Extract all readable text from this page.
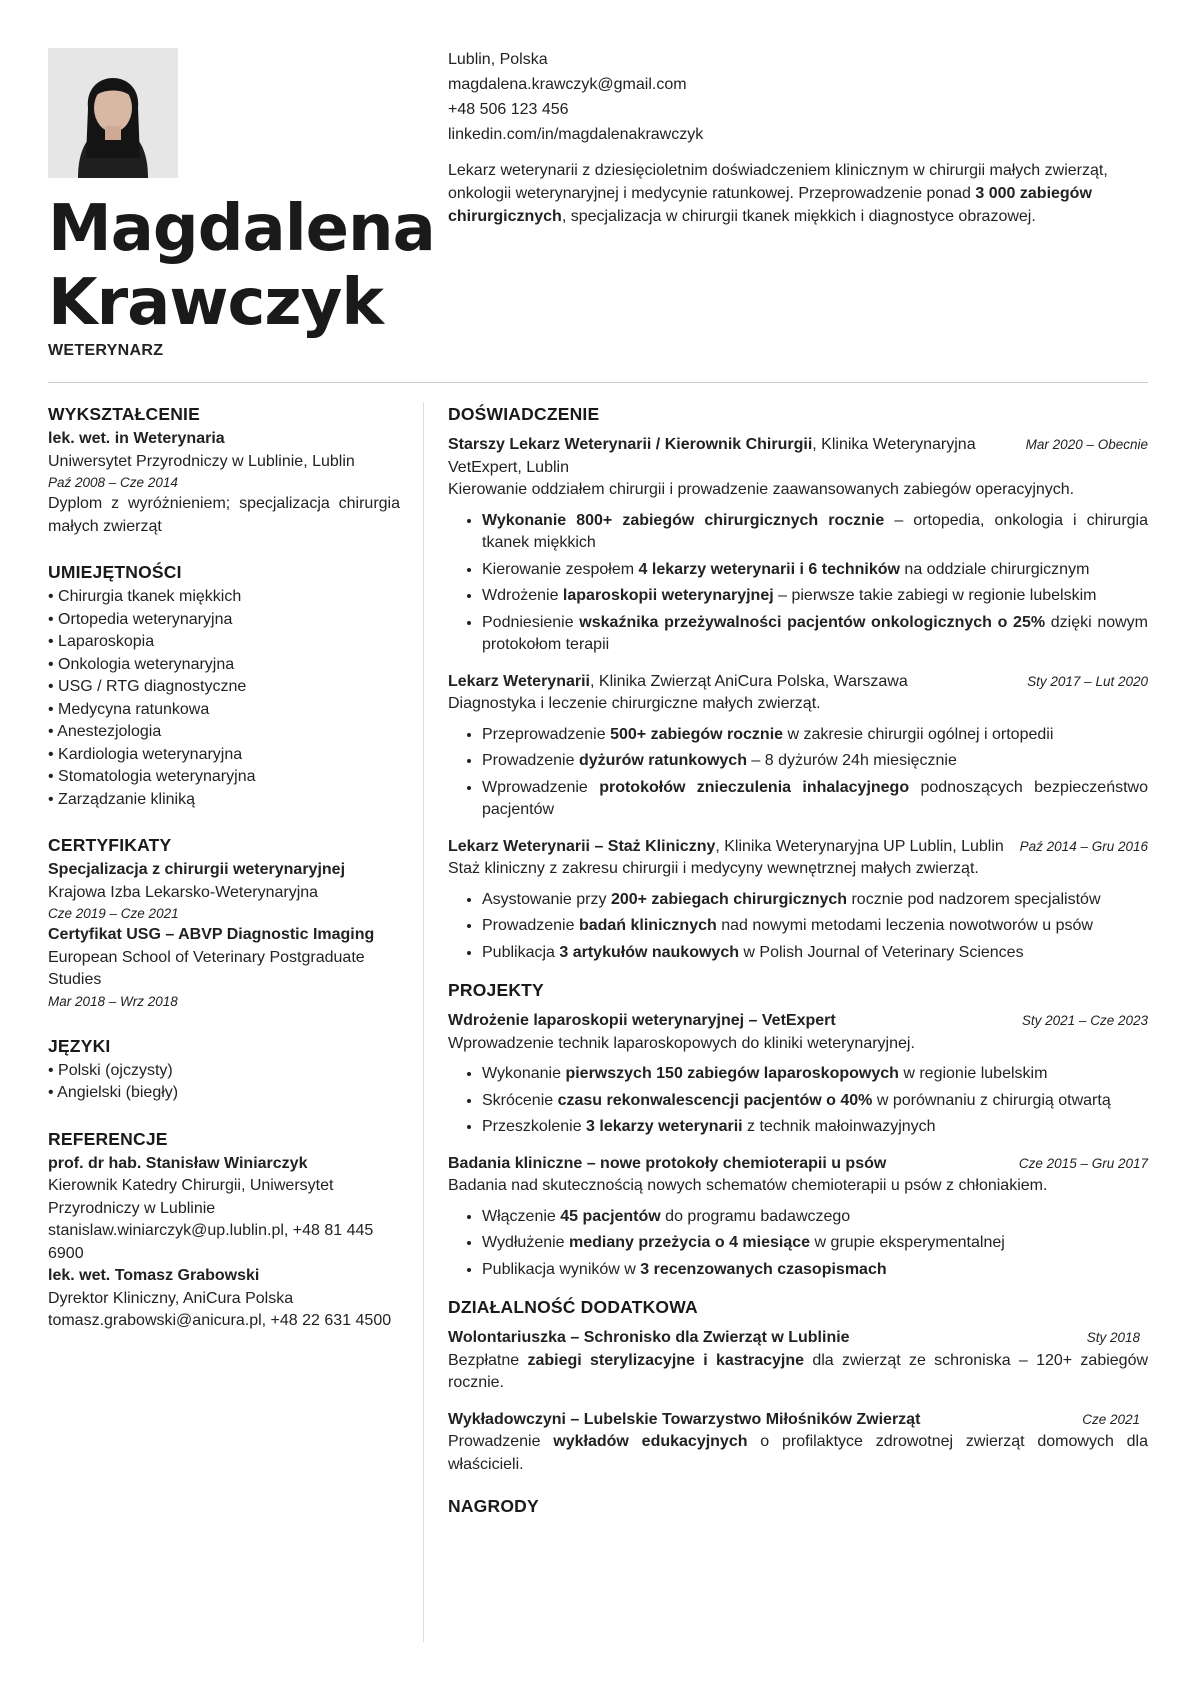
Magdalena
Krawczyk
WETERYNARZ
Lublin, Polska
magdalena.krawczyk@gmail.com
+48 506 123 456
linkedin.com/in/magdalenakrawczyk
Lekarz weterynarii z dziesięcioletnim doświadczeniem klinicznym w chirurgii małych zwierząt, onkologii weterynaryjnej i medycynie ratunkowej. Przeprowadzenie ponad 3 000 zabiegów chirurgicznych, specjalizacja w chirurgii tkanek miękkich i diagnostyce obrazowej.
WYKSZTAŁCENIE
lek. wet. in Weterynaria
Uniwersytet Przyrodniczy w Lublinie, Lublin
Paź 2008 – Cze 2014
Dyplom z wyróżnieniem; specjalizacja chirurgia małych zwierząt
UMIEJĘTNOŚCI
• Chirurgia tkanek miękkich
• Ortopedia weterynaryjna
• Laparoskopia
• Onkologia weterynaryjna
• USG / RTG diagnostyczne
• Medycyna ratunkowa
• Anestezjologia
• Kardiologia weterynaryjna
• Stomatologia weterynaryjna
• Zarządzanie kliniką
CERTYFIKATY
Specjalizacja z chirurgii weterynaryjnej
Krajowa Izba Lekarsko-Weterynaryjna
Cze 2019 – Cze 2021
Certyfikat USG – ABVP Diagnostic Imaging
European School of Veterinary Postgraduate Studies
Mar 2018 – Wrz 2018
JĘZYKI
• Polski (ojczysty)
• Angielski (biegły)
REFERENCJE
prof. dr hab. Stanisław Winiarczyk
Kierownik Katedry Chirurgii, Uniwersytet Przyrodniczy w Lublinie
stanislaw.winiarczyk@up.lublin.pl, +48 81 445 6900
lek. wet. Tomasz Grabowski
Dyrektor Kliniczny, AniCura Polska
tomasz.grabowski@anicura.pl, +48 22 631 4500
DOŚWIADCZENIE
Starszy Lekarz Weterynarii / Kierownik Chirurgii, Klinika Weterynaryjna VetExpert, Lublin
Mar 2020 – Obecnie
Kierowanie oddziałem chirurgii i prowadzenie zaawansowanych zabiegów operacyjnych.
• Wykonanie 800+ zabiegów chirurgicznych rocznie – ortopedia, onkologia i chirurgia tkanek miękkich
• Kierowanie zespołem 4 lekarzy weterynarii i 6 techników na oddziale chirurgicznym
• Wdrożenie laparoskopii weterynaryjnej – pierwsze takie zabiegi w regionie lubelskim
• Podniesienie wskaźnika przeżywalności pacjentów onkologicznych o 25% dzięki nowym protokołom terapii
Lekarz Weterynarii, Klinika Zwierząt AniCura Polska, Warszawa	Sty 2017 – Lut 2020
Diagnostyka i leczenie chirurgiczne małych zwierząt.
• Przeprowadzenie 500+ zabiegów rocznie w zakresie chirurgii ogólnej i ortopedii
• Prowadzenie dyżurów ratunkowych – 8 dyżurów 24h miesięcznie
• Wprowadzenie protokołów znieczulenia inhalacyjnego podnoszących bezpieczeństwo pacjentów
Lekarz Weterynarii – Staż Kliniczny, Klinika Weterynaryjna UP Lublin, Lublin Paź 2014 – Gru 2016
Staż kliniczny z zakresu chirurgii i medycyny wewnętrznej małych zwierząt.
• Asystowanie przy 200+ zabiegach chirurgicznych rocznie pod nadzorem specjalistów
• Prowadzenie badań klinicznych nad nowymi metodami leczenia nowotworów u psów
• Publikacja 3 artykułów naukowych w Polish Journal of Veterinary Sciences
PROJEKTY
Wdrożenie laparoskopii weterynaryjnej – VetExpert	Sty 2021 – Cze 2023
Wprowadzenie technik laparoskopowych do kliniki weterynaryjnej.
• Wykonanie pierwszych 150 zabiegów laparoskopowych w regionie lubelskim
• Skrócenie czasu rekonwalescencji pacjentów o 40% w porównaniu z chirurgią otwartą
• Przeszkolenie 3 lekarzy weterynarii z technik małoinwazyjnych
Badania kliniczne – nowe protokoły chemioterapii u psów	Cze 2015 – Gru 2017
Badania nad skutecznością nowych schematów chemioterapii u psów z chłoniakiem.
• Włączenie 45 pacjentów do programu badawczego
• Wydłużenie mediany przeżycia o 4 miesiące w grupie eksperymentalnej
• Publikacja wyników w 3 recenzowanych czasopismach
DZIAŁALNOŚĆ DODATKOWA
Wolontariuszka – Schronisko dla Zwierząt w Lublinie	Sty 2018
Bezpłatne zabiegi sterylizacyjne i kastracyjne dla zwierząt ze schroniska – 120+ zabiegów rocznie.
Wykładowczyni – Lubelskie Towarzystwo Miłośników Zwierząt	Cze 2021
Prowadzenie wykładów edukacyjnych o profilaktyce zdrowotnej zwierząt domowych dla właścicieli.
NAGRODY
